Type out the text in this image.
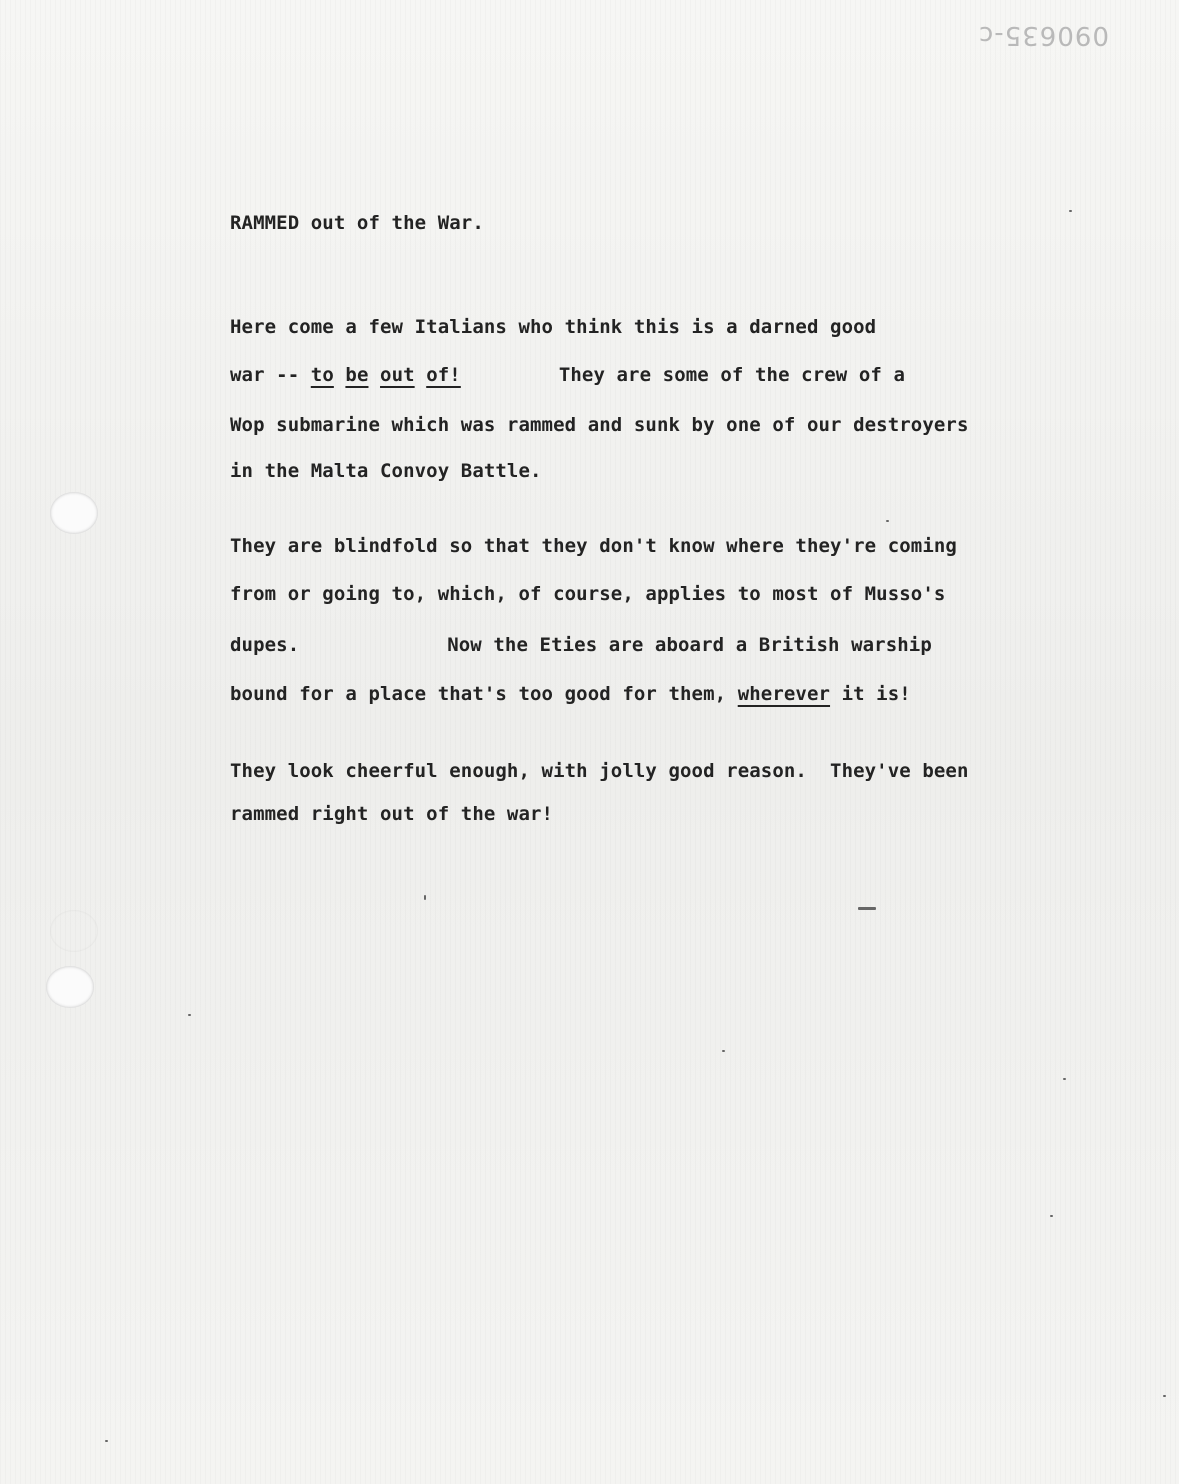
090635-c

RAMMED out of the War.

Here come a few Italians who think this is a darned good

war -- to be out of!	They are some of the crew of a

Wop submarine which was rammed and sunk by one of our destroyers

in the Malta Convoy Battle.

They are blindfold so that they don't know where they're coming

from or going to, which, of course, applies to most of Musso's

dupes.	Now the Eties are aboard a British warship

bound for a place that's too good for them, wherever it is!

They look cheerful enough, with jolly good reason.  They've been

rammed right out of the war!
